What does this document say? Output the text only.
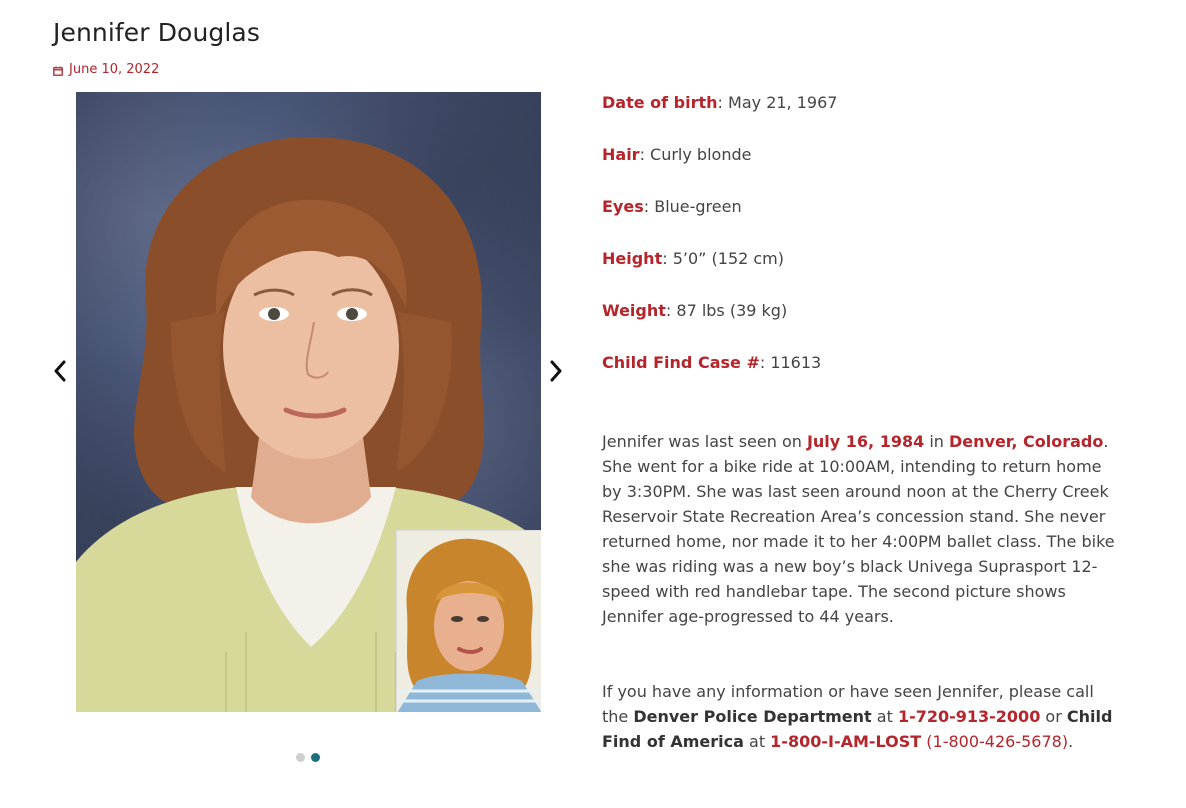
Jennifer Douglas
June 10, 2022

Date of birth: May 21, 1967

Hair: Curly blonde

Eyes: Blue-green

Height: 5’0” (152 cm)

Weight: 87 lbs (39 kg)

Child Find Case #: 11613

Jennifer was last seen on July 16, 1984 in Denver, Colorado. She went for a bike ride at 10:00AM, intending to return home by 3:30PM. She was last seen around noon at the Cherry Creek Reservoir State Recreation Area’s concession stand. She never returned home, nor made it to her 4:00PM ballet class. The bike she was riding was a new boy’s black Univega Suprasport 12-speed with red handlebar tape. The second picture shows Jennifer age-progressed to 44 years.

If you have any information or have seen Jennifer, please call the Denver Police Department at 1-720-913-2000 or Child Find of America at 1-800-I-AM-LOST (1-800-426-5678).
